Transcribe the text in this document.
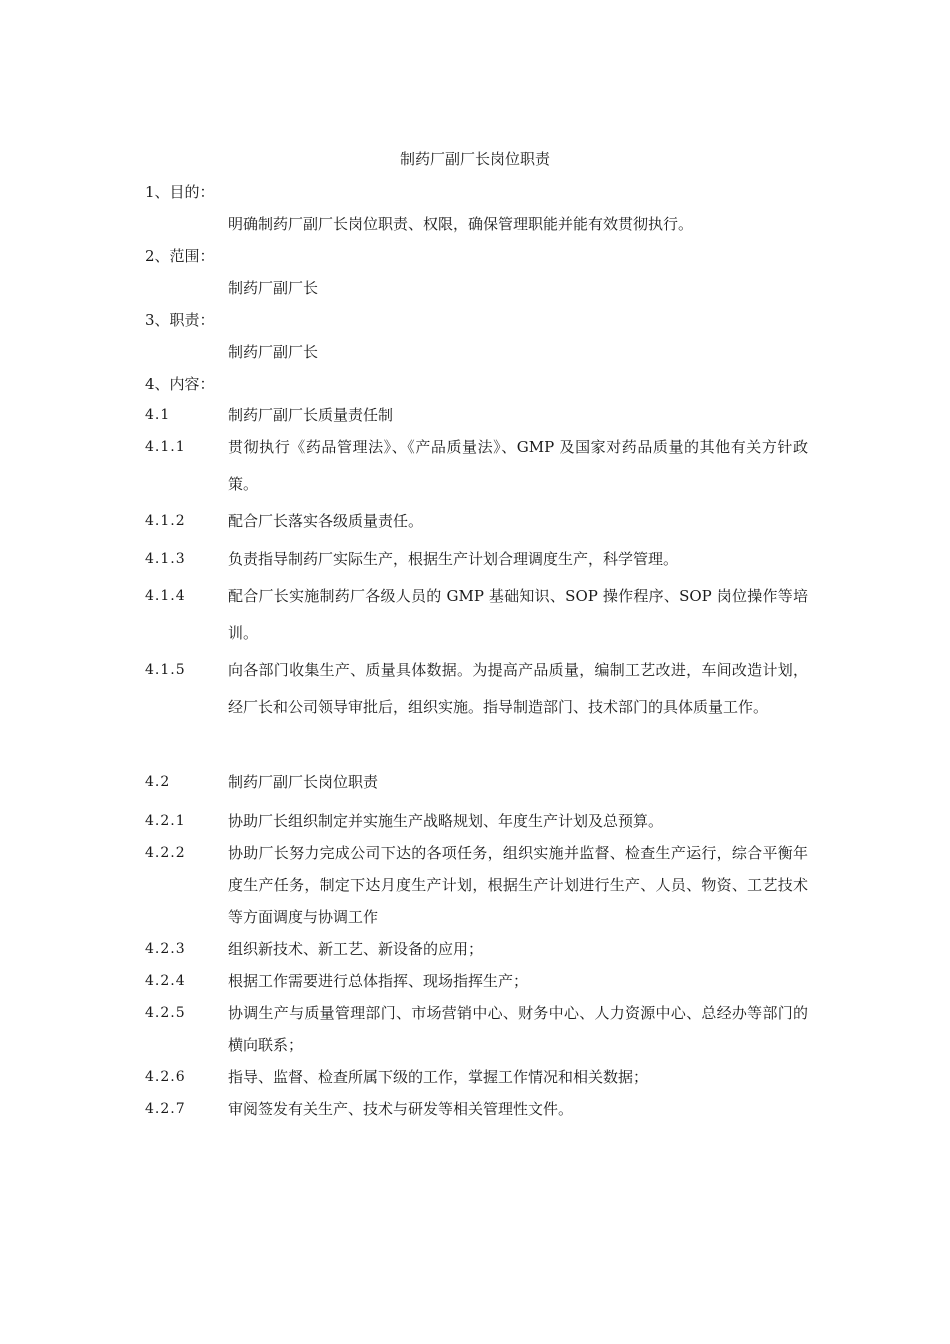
制药厂副厂长岗位职责
1、目的：
明确制药厂副厂长岗位职责、权限，确保管理职能并能有效贯彻执行。
2、范围：
制药厂副厂长
3、职责：
制药厂副厂长
4、内容：
4.1	制药厂副厂长质量责任制
4.1.1	贯彻执行《药品管理法》、《产品质量法》、GMP 及国家对药品质量的其他有关方针政策。
4.1.2	配合厂长落实各级质量责任。
4.1.3	负责指导制药厂实际生产，根据生产计划合理调度生产，科学管理。
4.1.4	配合厂长实施制药厂各级人员的 GMP 基础知识、SOP 操作程序、SOP 岗位操作等培训。
4.1.5	向各部门收集生产、质量具体数据。为提高产品质量，编制工艺改进，车间改造计划，经厂长和公司领导审批后，组织实施。指导制造部门、技术部门的具体质量工作。
4.2	制药厂副厂长岗位职责
4.2.1	协助厂长组织制定并实施生产战略规划、年度生产计划及总预算。
4.2.2	协助厂长努力完成公司下达的各项任务，组织实施并监督、检查生产运行，综合平衡年度生产任务，制定下达月度生产计划，根据生产计划进行生产、人员、物资、工艺技术等方面调度与协调工作
4.2.3	组织新技术、新工艺、新设备的应用；
4.2.4	根据工作需要进行总体指挥、现场指挥生产；
4.2.5	协调生产与质量管理部门、市场营销中心、财务中心、人力资源中心、总经办等部门的横向联系；
4.2.6	指导、监督、检查所属下级的工作，掌握工作情况和相关数据；
4.2.7	审阅签发有关生产、技术与研发等相关管理性文件。
